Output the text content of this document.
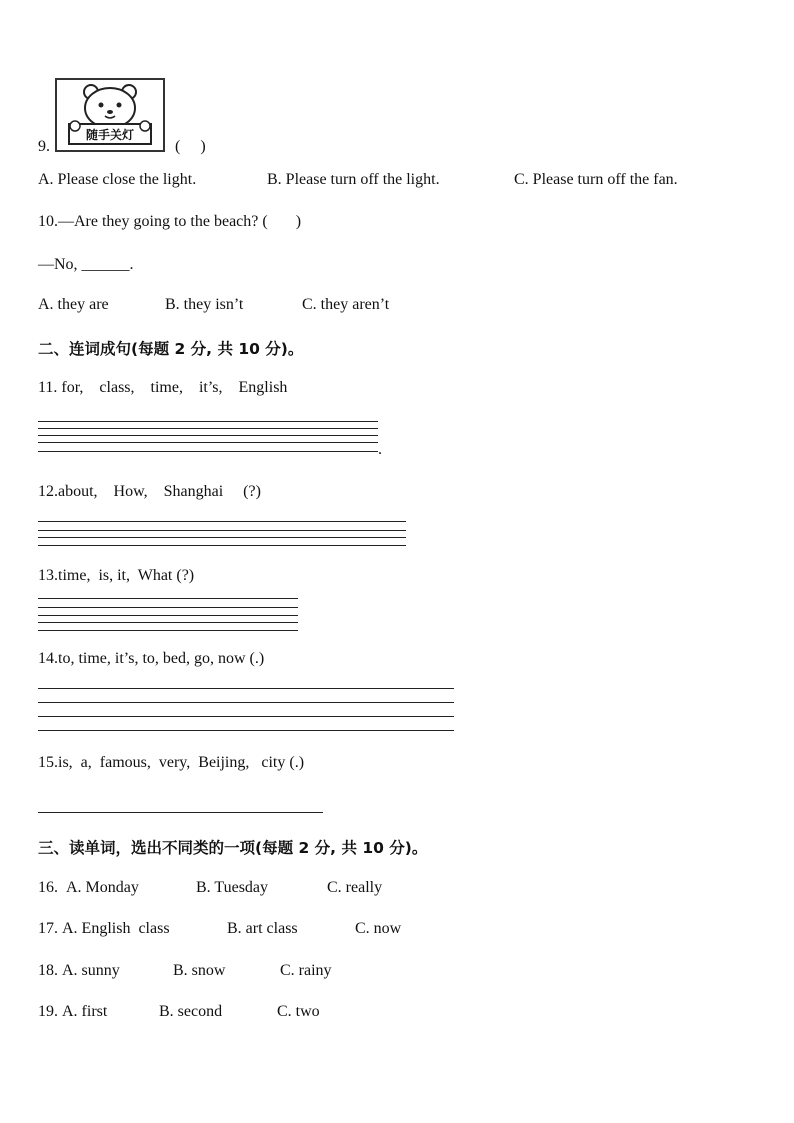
9.
随手关灯
(     )
A. Please close the light.	B. Please turn off the light.	C. Please turn off the fan.
10.—Are they going to the beach? (       )
—No, ______.
A. they are	B. they isn’t	C. they aren’t
二、连词成句(每题 2 分, 共 10 分)。
11. for,    class,    time,    it’s,    English
.
12.about,    How,    Shanghai     (?)
13.time,  is, it,  What (?)
14.to, time, it’s, to, bed, go, now (.)
15.is,  a,  famous,  very,  Beijing,   city (.)
三、读单词，选出不同类的一项(每题 2 分, 共 10 分)。
16. A. Monday	B. Tuesday	C. really
17. A. English  class	B. art class	C. now
18. A. sunny	B. snow	C. rainy
19. A. first	B. second	C. two
